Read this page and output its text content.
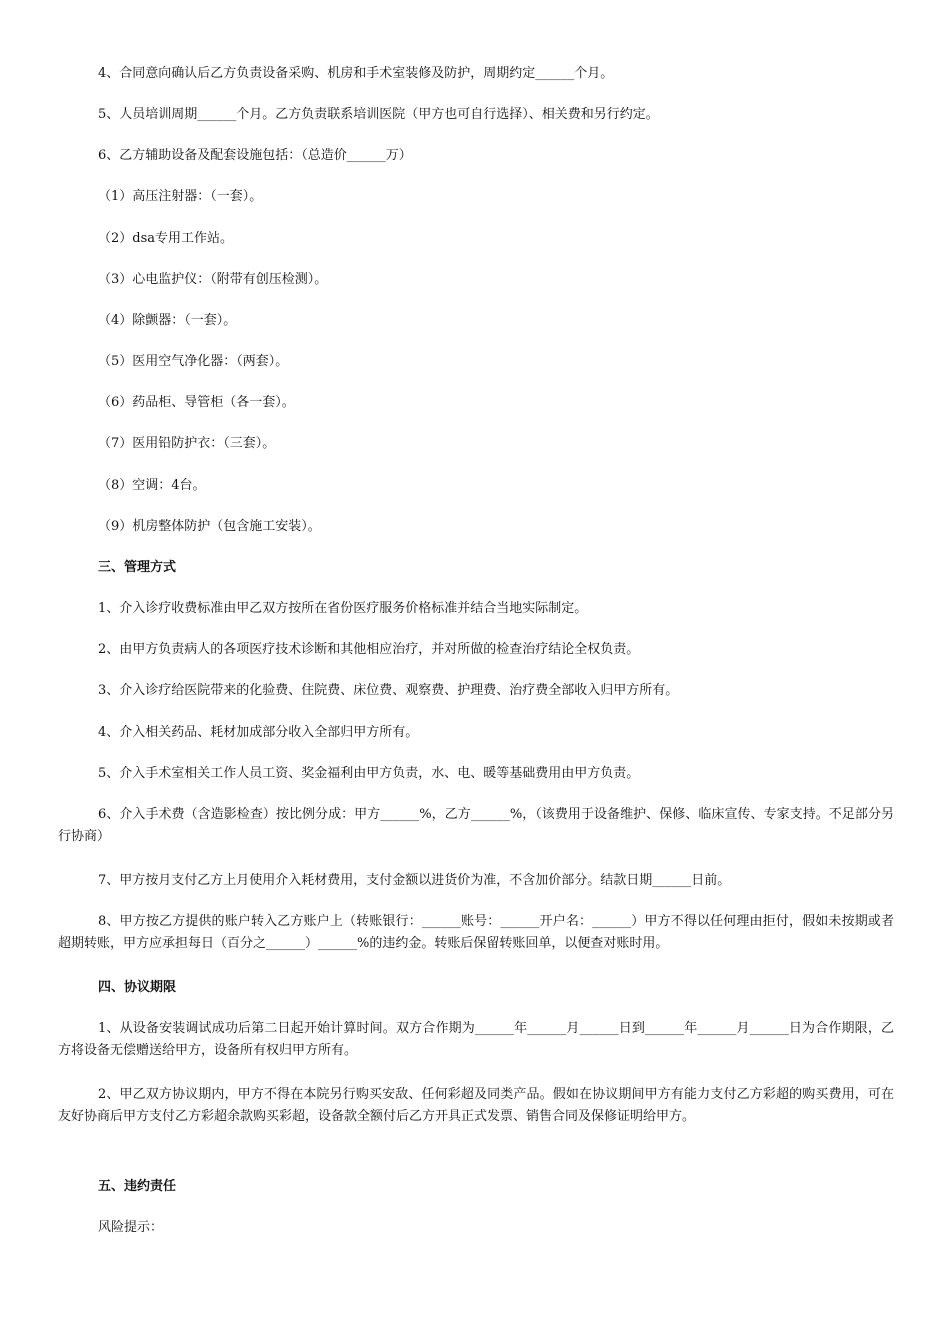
4、合同意向确认后乙方负责设备采购、机房和手术室装修及防护，周期约定______个月。
5、人员培训周期______个月。乙方负责联系培训医院（甲方也可自行选择）、相关费和另行约定。
6、乙方辅助设备及配套设施包括：（总造价______万）
（1）高压注射器：（一套）。
（2）dsa专用工作站。
（3）心电监护仪：（附带有创压检测）。
（4）除颤器：（一套）。
（5）医用空气净化器：（两套）。
（6）药品柜、导管柜（各一套）。
（7）医用铅防护衣：（三套）。
（8）空调：4台。
（9）机房整体防护（包含施工安装）。
三、管理方式
1、介入诊疗收费标准由甲乙双方按所在省份医疗服务价格标准并结合当地实际制定。
2、由甲方负责病人的各项医疗技术诊断和其他相应治疗，并对所做的检查治疗结论全权负责。
3、介入诊疗给医院带来的化验费、住院费、床位费、观察费、护理费、治疗费全部收入归甲方所有。
4、介入相关药品、耗材加成部分收入全部归甲方所有。
5、介入手术室相关工作人员工资、奖金福利由甲方负责，水、电、暖等基础费用由甲方负责。
6、介入手术费（含造影检查）按比例分成：甲方______%，乙方______%，（该费用于设备维护、保修、临床宣传、专家支持。不足部分另行协商）
7、甲方按月支付乙方上月使用介入耗材费用，支付金额以进货价为准，不含加价部分。结款日期______日前。
8、甲方按乙方提供的账户转入乙方账户上（转账银行：______账号：______开户名：______）甲方不得以任何理由拒付，假如未按期或者超期转账，甲方应承担每日（百分之______）______%的违约金。转账后保留转账回单，以便查对账时用。
四、协议期限
1、从设备安装调试成功后第二日起开始计算时间。双方合作期为______年______月______日到______年______月______日为合作期限，乙方将设备无偿赠送给甲方，设备所有权归甲方所有。
2、甲乙双方协议期内，甲方不得在本院另行购买安敌、任何彩超及同类产品。假如在协议期间甲方有能力支付乙方彩超的购买费用，可在友好协商后甲方支付乙方彩超余款购买彩超，设备款全额付后乙方开具正式发票、销售合同及保修证明给甲方。
五、违约责任
风险提示：
